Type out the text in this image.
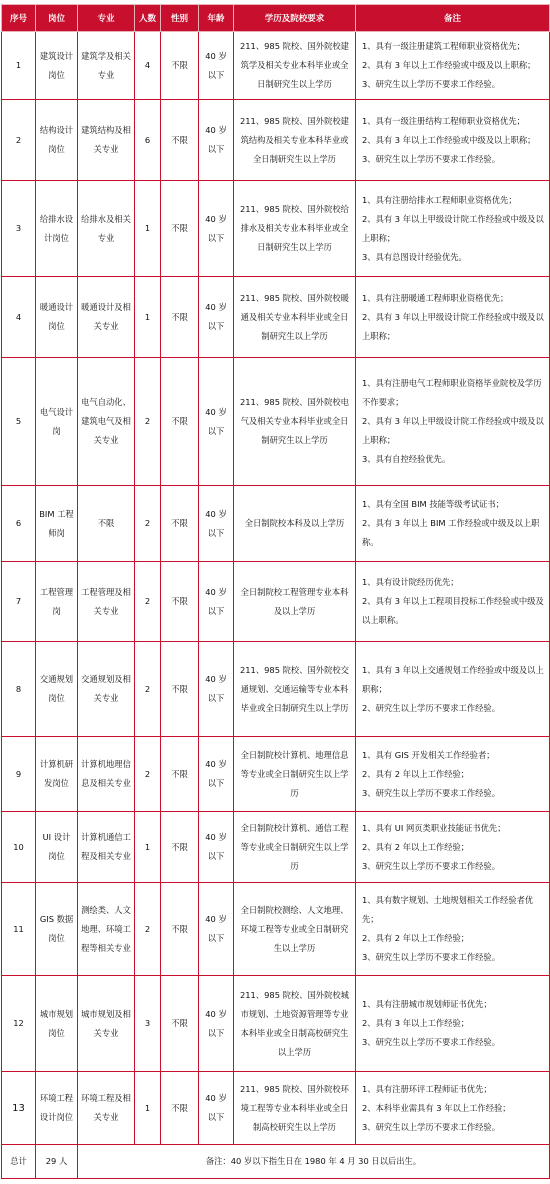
序号	岗位	专业	人数	性别	年龄	学历及院校要求	备注
1	建筑设计岗位	建筑学及相关专业	4	不限	40 岁以下	211、985 院校、国外院校建筑学及相关专业本科毕业或全日制研究生以上学历	1、具有一级注册建筑工程师职业资格优先；
2、具有 3 年以上工作经验或中级及以上职称；
3、研究生以上学历不要求工作经验。

2	结构设计岗位	建筑结构及相关专业	6	不限	40 岁以下	211、985 院校、国外院校建筑结构及相关专业本科毕业或全日制研究生以上学历	1、具有一级注册结构工程师职业资格优先；
2、具有 3 年以上工作经验或中级及以上职称；
3、研究生以上学历不要求工作经验。

3	给排水设计岗位	给排水及相关专业	1	不限	40 岁以下	211、985 院校、国外院校给排水及相关专业本科毕业或全日制研究生以上学历	1、具有注册给排水工程师职业资格优先；
2、具有 3 年以上甲级设计院工作经验或中级及以上职称；
3、具有总图设计经验优先。

4	暖通设计岗位	暖通设计及相关专业	1	不限	40 岁以下	211、985 院校、国外院校暖通及相关专业本科毕业或全日制研究生以上学历	1、具有注册暖通工程师职业资格优先；
2、具有 3 年以上甲级设计院工作经验或中级及以上职称；

5	电气设计岗	电气自动化、建筑电气及相关专业	2	不限	40 岁以下	211、985 院校、国外院校电气及相关专业本科毕业或全日制研究生以上学历	1、具有注册电气工程师职业资格毕业院校及学历不作要求；
2、具有 3 年以上甲级设计院工作经验或中级及以上职称；
3、具有自控经验优先。

6	BIM 工程师岗	不限	2	不限	40 岁以下	全日制院校本科及以上学历	1、具有全国 BIM 技能等级考试证书；
2、具有 3 年以上 BIM 工作经验或中级及以上职称。

7	工程管理岗	工程管理及相关专业	2	不限	40 岁以下	全日制院校工程管理专业本科及以上学历	1、具有设计院经历优先；
2、具有 3 年以上工程项目投标工作经验或中级及以上职称。

8	交通规划岗位	交通规划及相关专业	2	不限	40 岁以下	211、985 院校、国外院校交通规划、交通运输等专业本科毕业或全日制研究生以上学历	1、具有 3 年以上交通规划工作经验或中级及以上职称；
2、研究生以上学历不要求工作经验。

9	计算机研发岗位	计算机地理信息及相关专业	2	不限	40 岁以下	全日制院校计算机、地理信息等专业或全日制研究生以上学历	1、具有 GIS 开发相关工作经验者；
2、具有 2 年以上工作经验；
3、研究生以上学历不要求工作经验。

10	UI 设计岗位	计算机通信工程及相关专业	1	不限	40 岁以下	全日制院校计算机、通信工程等专业或全日制研究生以上学历	1、具有 UI 网页类职业技能证书优先；
2、具有 2 年以上工作经验；
3、研究生以上学历不要求工作经验。

11	GIS 数据岗位	测绘类、人文地理、环境工程等相关专业	2	不限	40 岁以下	全日制院校测绘、人文地理、环境工程等专业或全日制研究生以上学历	1、具有数字规划、土地规划相关工作经验者优先；
2、具有 2 年以上工作经验；
3、研究生以上学历不要求工作经验。

12	城市规划岗位	城市规划及相关专业	3	不限	40 岁以下	211、985 院校、国外院校城市规划、土地资源管理等专业本科毕业或全日制高校研究生以上学历	1、具有注册城市规划师证书优先；
2、具有 3 年以上工作经验；
3、研究生以上学历不要求工作经验。

13	环境工程设计岗位	环境工程及相关专业	1	不限	40 岁以下	211、985 院校、国外院校环境工程等专业本科毕业或全日制高校研究生以上学历	1、具有注册环评工程师证书优先；
2、本科毕业需具有 3 年以上工作经验；
3、研究生以上学历不要求工作经验。

总计	29 人	备注：40 岁以下指生日在 1980 年 4 月 30 日以后出生。					
